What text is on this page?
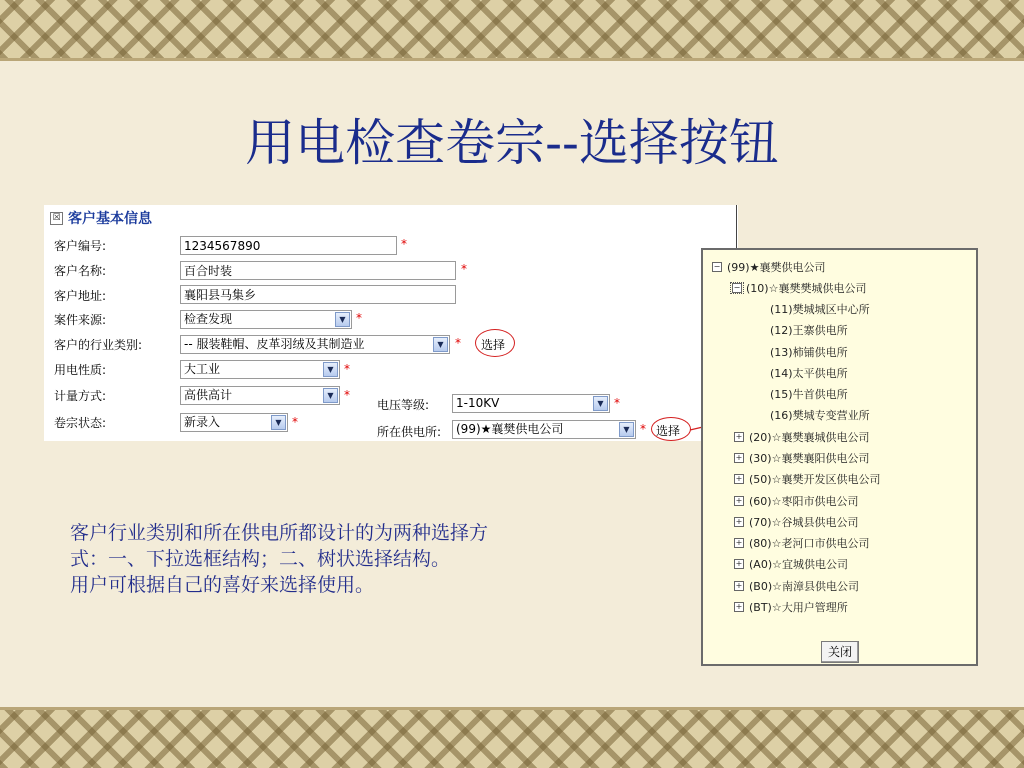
用电检查卷宗--选择按钮
☒ 客户基本信息
客户编号:	1234567890	*
客户名称:	百合时装	*
客户地址:	襄阳县马集乡
案件来源:	检查发现	▼ *
客户的行业类别:	-- 服装鞋帽、皮革羽绒及其制造业	▼ * 选择
用电性质:	大工业	▼ *
计量方式:	高供高计	▼ *
电压等级:	1-10KV	▼ *
卷宗状态:	新录入	▼ *
所在供电所:	(99)★襄樊供电公司	▼ * 选择

客户行业类别和所在供电所都设计的为两种选择方

式：一、下拉选框结构；二、树状选择结构。

用户可根据自己的喜好来选择使用。

− (99)★襄樊供电公司
− (10)☆襄樊樊城供电公司
(11)樊城城区中心所
(12)王寨供电所
(13)柿铺供电所
(14)太平供电所
(15)牛首供电所
(16)樊城专变营业所
+ (20)☆襄樊襄城供电公司
+ (30)☆襄樊襄阳供电公司
+ (50)☆襄樊开发区供电公司
+ (60)☆枣阳市供电公司
+ (70)☆谷城县供电公司
+ (80)☆老河口市供电公司
+ (A0)☆宜城供电公司
+ (B0)☆南漳县供电公司
+ (BT)☆大用户管理所
关闭
